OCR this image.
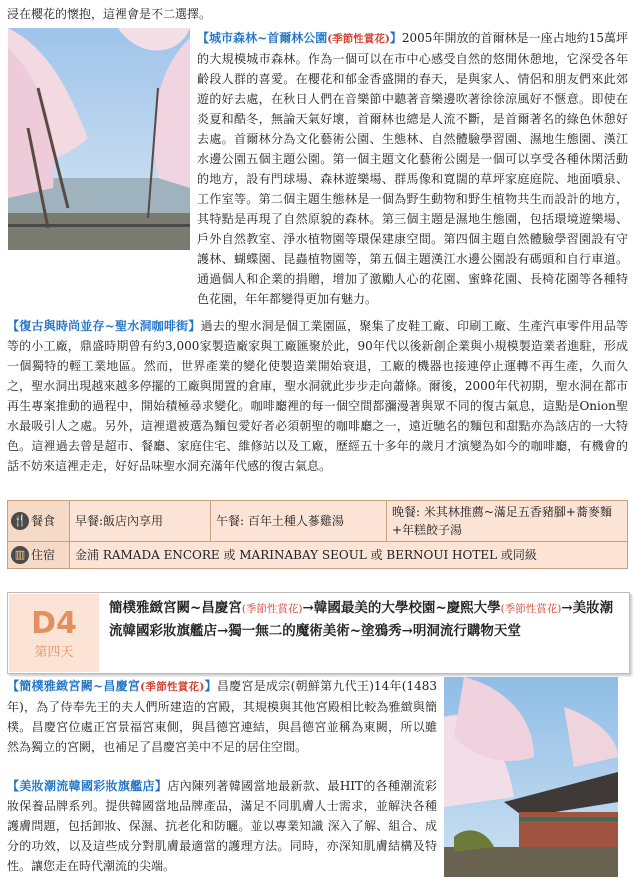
浸在櫻花的懷抱，這裡會是不二選擇。
【城市森林~首爾林公園(季節性賞花)】2005年開放的首爾林是一座占地約15萬坪的大規模城市森林。作為一個可以在市中心感受自然的悠閒休憩地，它深受各年齡段人群的喜愛。在櫻花和郁金香盛開的春天，是與家人、情侶和朋友們來此郊遊的好去處，在秋日人們在音樂節中聽著音樂邊吹著徐徐涼風好不愜意。即使在炎夏和酷冬，無論天氣好壞，首爾林也總是人流不斷，是首爾著名的綠色休憩好去處。首爾林分為文化藝術公園、生態林、自然體驗學習園、濕地生態園、漢江水邊公園五個主題公園。第一個主題文化藝術公園是一個可以享受各種休閑活動的地方，設有門球場、森林遊樂場、群馬像和寬闊的草坪家庭庭院、地面噴泉、工作室等。第二個主題生態林是一個為野生動物和野生植物共生而設計的地方，其特點是再現了自然原貌的森林。第三個主題是濕地生態園，包括環境遊樂場、戶外自然教室、淨水植物園等環保建康空間。第四個主題自然體驗學習園設有守
護林、蝴蝶園、昆蟲植物園等，第五個主題漢江水邊公園設有碼頭和自行車道。通過個人和企業的捐贈，增加了激勵人心的花園、蜜蜂花園、長椅花園等各種特色花園，年年都變得更加有魅力。
【復古與時尚並存~聖水洞咖啡街】過去的聖水洞是個工業園區，聚集了皮鞋工廠、印刷工廠、生產汽車零件用品等等的小工廠，鼎盛時期曾有約3,000家製造廠家與工廠匯聚於此，90年代以後新創企業與小規模製造業者進駐，形成一個獨特的輕工業地區。然而，世界產業的變化使製造業開始衰退，工廠的機器也接連停止運轉不再生產，久而久之，聖水洞出現越來越多停擺的工廠與閒置的倉庫，聖水洞就此步步走向蕭條。爾後，2000年代初期，聖水洞在都市再生專案推動的過程中，開始積極尋求變化。咖啡廳裡的每一個空間都瀰漫著與眾不同的復古氣息，這點是Onion聖水最吸引人之處。另外，這裡還被選為麵包愛好者必須朝聖的咖啡廳之一，遠近馳名的麵包和甜點亦為該店的一大特色。這裡過去曾是超市、餐廳、家庭住宅、維修站以及工廠，歷經五十多年的歲月才演變為如今的咖啡廳，有機會的話不妨來這裡走走，好好品味聖水洞充滿年代感的復古氣息。
🍴 餐食	早餐:飯店內享用	午餐: 百年土種人蔘雞湯	晚餐: 米其林推薦~滿足五香豬腳+蕎麥麵+年糕餃子湯
▥ 住宿	金浦 RAMADA ENCORE 或 MARINABAY SEOUL 或 BERNOUI HOTEL 或同級		
D4
第四天
簡樸雅緻宮闕~昌慶宮(季節性賞花)→韓國最美的大學校園~慶熙大學(季節性賞花)→美妝潮流韓國彩妝旗艦店→獨一無二的魔術美術~塗鴉秀→明洞流行購物天堂
【簡樸雅緻宮闕~昌慶宮(季節性賞花)】昌慶宮是成宗(朝鮮第九代王)14年(1483年)，為了侍奉先王的夫人們所建造的宮殿，其規模與其他宮殿相比較為雅緻與簡樸。昌慶宮位處正宮景福宮東側，與昌德宮連結，與昌德宮並稱為東闕，所以雖然為獨立的宮闕，也補足了昌慶宮美中不足的居住空間。
【美妝潮流韓國彩妝旗艦店】店內陳列著韓國當地最新款、最HIT的各種潮流彩妝保養品牌系列。提供韓國當地品牌產品，滿足不同肌膚人士需求，並解決各種護膚問題，包括卸妝、保濕、抗老化和防曬。並以專業知識 深入了解、組合、成分的功效，以及這些成分對肌膚最適當的護理方法。同時，亦深知肌膚結構及特性。讓您走在時代潮流的尖端。
